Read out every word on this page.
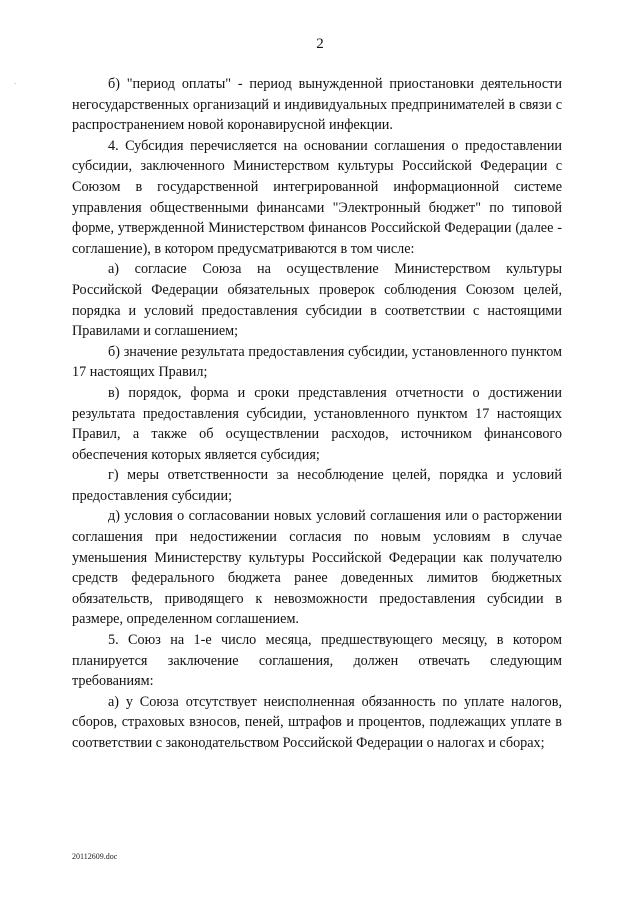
·
2

б) "период оплаты" - период вынужденной приостановки деятельности негосударственных организаций и индивидуальных предпринимателей в связи с распространением новой коронавирусной инфекции.

4. Субсидия перечисляется на основании соглашения о предоставлении субсидии, заключенного Министерством культуры Российской Федерации с Союзом в государственной интегрированной информационной системе управления общественными финансами "Электронный бюджет" по типовой форме, утвержденной Министерством финансов Российской Федерации (далее - соглашение), в котором предусматриваются в том числе:

а) согласие Союза на осуществление Министерством культуры Российской Федерации обязательных проверок соблюдения Союзом целей, порядка и условий предоставления субсидии в соответствии с настоящими Правилами и соглашением;

б) значение результата предоставления субсидии, установленного пунктом 17 настоящих Правил;

в) порядок, форма и сроки представления отчетности о достижении результата предоставления субсидии, установленного пунктом 17 настоящих Правил, а также об осуществлении расходов, источником финансового обеспечения которых является субсидия;

г) меры ответственности за несоблюдение целей, порядка и условий предоставления субсидии;

д) условия о согласовании новых условий соглашения или о расторжении соглашения при недостижении согласия по новым условиям в случае уменьшения Министерству культуры Российской Федерации как получателю средств федерального бюджета ранее доведенных лимитов бюджетных обязательств, приводящего к невозможности предоставления субсидии в размере, определенном соглашением.

5. Союз на 1-е число месяца, предшествующего месяцу, в котором планируется заключение соглашения, должен отвечать следующим требованиям:

а) у Союза отсутствует неисполненная обязанность по уплате налогов, сборов, страховых взносов, пеней, штрафов и процентов, подлежащих уплате в соответствии с законодательством Российской Федерации о налогах и сборах;

20112609.doc
